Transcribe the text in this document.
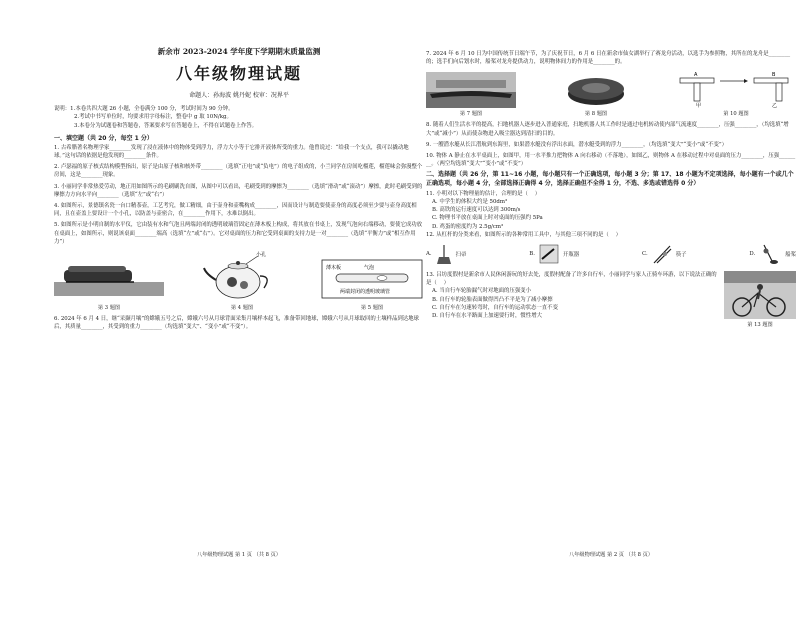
新余市 2023-2024 学年度下学期期末质量监测

八年级物理试题

命题人：孙海波 姚丹妮 校审：况界平

说明：1.本卷共四大题 26 小题，全卷满分 100 分，考试时间为 90 分钟。

2.考试中书写单位时，均要求用字母标注，整卷中 g 取 10N/kg。

3.本卷分为试题卷和答题卷，答案要求写在答题卷上，不得在试题卷上作答。

一、填空题（共 20 分，每空 1 分）

1. 古希腊著名物理学家________发现了浸在液体中的物体受到浮力，浮力大小等于它排开液体所受的重力。他曾说过：“给我一个支点，我可以撬动地球。”这句话的依据是他发现的________条件。

2. 卢瑟福的原子核式结构模型指出，原子是由原子核和核外带________（选填“正电”或“负电”）的电子组成的，小兰同学在房间吃榴莲，榴莲味会弥漫整个房间，这是________现象。

3. 小丽同学非常热爱劳动，地正用如图所示的毛刷刷洗自图，从图中可以看出，毛刷受到的摩擦为________（选填“滑动”或“滚动”）摩擦，此时毛刷受到的摩擦力方向水平向________（选填“左”或“右”）

4. 如图所示，景德镇名瓷一台口精茶壶，工艺考究，做工精细，由于壶身和壶嘴构成________，因而设计与制造要使壶身的高度必须至少要与壶身高度相同，且在壶盖上要设计一个小孔，以防盖与壶密合，在________作用下，水难以倒出。

5. 如图所示是小明自制的水平仪，它由装有水和气泡且两端封闭的透明玻璃管固定在薄木板上构成，将其放在书桌上，发现气泡向右端移动，要使它成功放在桌面上，如图所示，则说该桌面________端高（选填“左”或“右”）。它对桌面的压力和它受到桌面的支持力是一对________（选填“平衡力”或“相互作用力”）

第 3 题图
小孔
第 4 题图
薄木板	气泡
两端封闭的透明玻璃管
第 5 题图

6. 2024 年 6 月 4 日，继“采撷月壤”的嫦娥五号之后，嫦娥六号从月球背面采集月壤样本起飞，准备带回地球，嫦娥六号从月球取回的土壤样品到达地球后，其质量________，其受到的重力________（均选填“变大”、“变小”或“不变”）。

八年级物理试题 第 1 页 （共 8 页）

7. 2024 年 6 月 10 日为中国传统节日端午节，为了庆祝节日，6 月 6 日在新余市仙女湖举行了赛龙舟活动，以选手为参照物，其所在的龙舟是________的；选手们向后划水时，船桨对龙舟提供动力，说明物体间力的作用是________的。

第 7 题图	第 8 题图
A
甲
B
乙
第 10 题图

8. 随着人们生活水平的提高，扫地机器人逐步进入普通家庭，扫地机器人其工作时是通过电机转动使内部气流速度________，压强________，（均选填“增大”或“减小”）从而使杂物进入吸尘器达到清扫的目的。

9. 一艘潜水艇从长江潜航到东海里，如果潜水艇没有浮出水面，潜水艇受到的浮力________，（均选填“变大”“变小”或“不变”）

10. 物体 A 静止在水平桌面上，如图甲，用一水平推力把物体 A 向右移动（不落地），如图乙，则物体 A 在移动过程中对桌面的压力________，压强________。（两空均选填“变大”“变小”或“不变”）

二、选择题（共 26 分，第 11~16 小题，每小题只有一个正确选项，每小题 3 分；第 17、18 小题为不定项选择，每小题有一个或几个正确选项，每小题 4 分，全部选择正确得 4 分，选择正确但不全得 1 分，不选、多选或错选得 0 分）

11. 小明对以下物理量的估计，合理的是（    ）

A. 中学生的体积大约是 50dm³

B. 高铁的运行速度可以达到 300m/s

C. 物理书平放在桌面上时对桌面的压强约 5Pa

D. 鸡蛋的密度约为 2.5g/cm³

12. 从杠杆的分类来看，如图所示的各种常用工具中，与其他三项不同的是（    ）

A.	扫帚	B.	开瓶器	C.	筷子	D.	船桨

13. 吕坊度假村是新余市人民休闲游玩的好去处，度假村配备了许多自行车，小丽同学与家人正骑车环游，以下说法正确的是（    ）

A. 当自行车轮胎漏气时对地面的压强变小

B. 自行车的轮胎表面做得凹凸不平是为了减小摩擦

C. 自行车在匀速转弯时，自行车的运动状态一直不变

D. 自行车在水平路面上加速要行时，惯性增大

第 13 题图
八年级物理试题 第 2 页 （共 8 页）
